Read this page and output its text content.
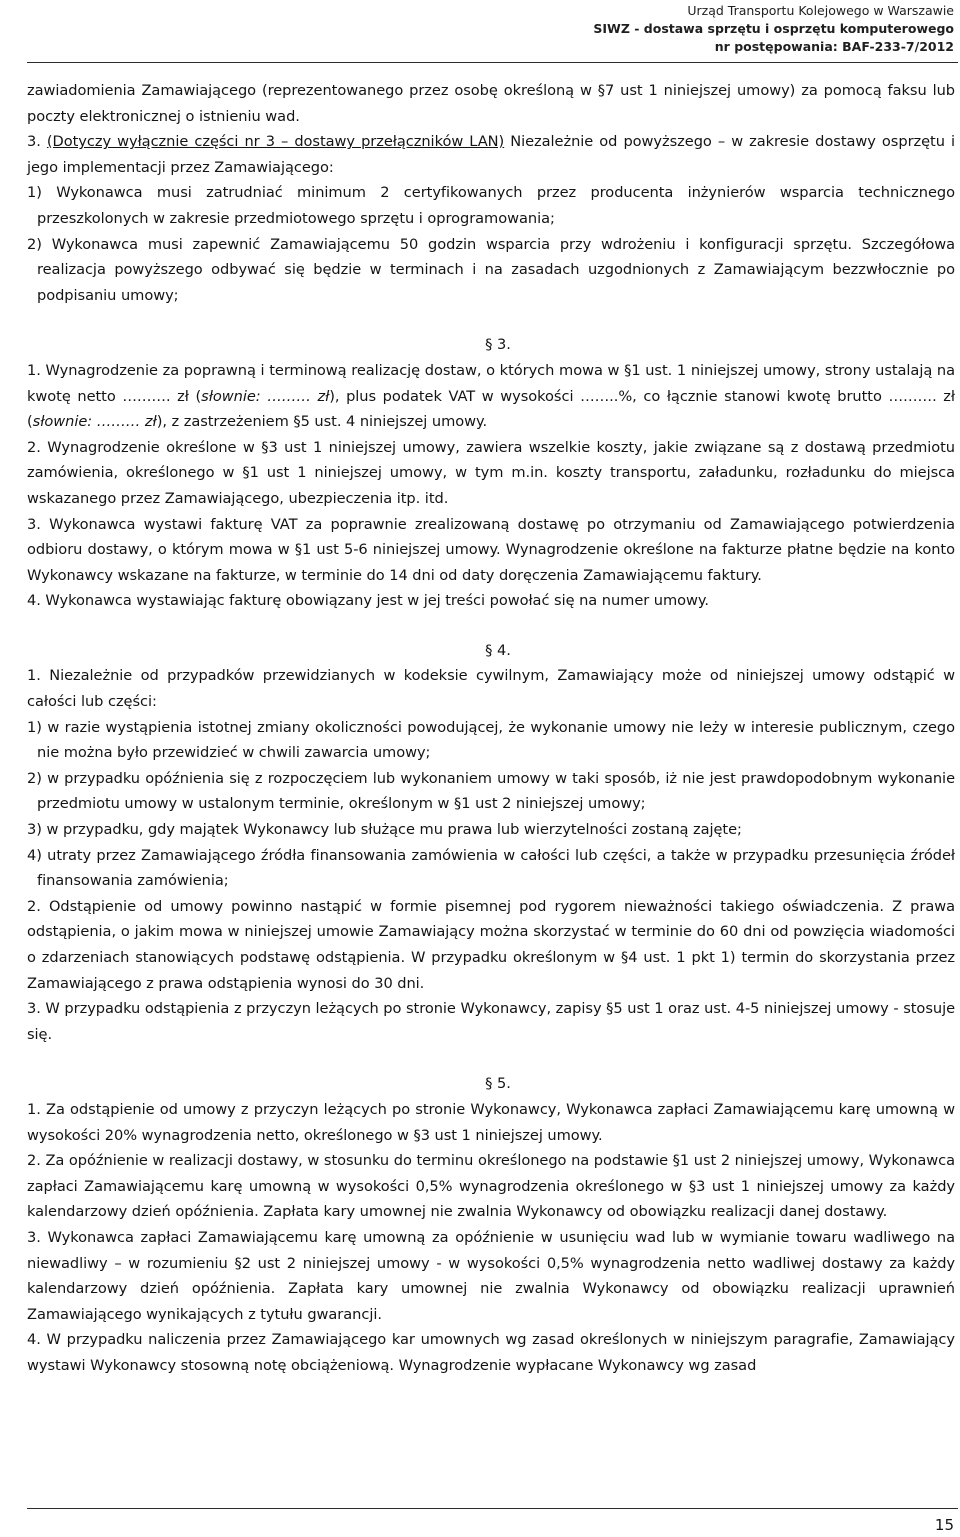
Urząd Transportu Kolejowego w Warszawie
SIWZ - dostawa sprzętu i osprzętu komputerowego
nr postępowania: BAF-233-7/2012

zawiadomienia Zamawiającego (reprezentowanego przez osobę określoną w §7 ust 1 niniejszej umowy) za pomocą faksu lub poczty elektronicznej o istnieniu wad.

3. (Dotyczy wyłącznie części nr 3 – dostawy przełączników LAN) Niezależnie od powyższego – w zakresie dostawy osprzętu i jego implementacji przez Zamawiającego:

1) Wykonawca musi zatrudniać minimum 2 certyfikowanych przez producenta inżynierów wsparcia technicznego przeszkolonych w zakresie przedmiotowego sprzętu i oprogramowania;

2) Wykonawca musi zapewnić Zamawiającemu 50 godzin wsparcia przy wdrożeniu i konfiguracji sprzętu. Szczegółowa realizacja powyższego odbywać się będzie w terminach i na zasadach uzgodnionych z Zamawiającym bezzwłocznie po podpisaniu umowy;

§ 3.

1. Wynagrodzenie za poprawną i terminową realizację dostaw, o których mowa w §1 ust. 1 niniejszej umowy, strony ustalają na kwotę netto ………. zł (słownie: ……… zł), plus podatek VAT w wysokości ……..%, co łącznie stanowi kwotę brutto ………. zł (słownie: ……… zł), z zastrzeżeniem §5 ust. 4 niniejszej umowy.

2. Wynagrodzenie określone w §3 ust 1 niniejszej umowy, zawiera wszelkie koszty, jakie związane są z dostawą przedmiotu zamówienia, określonego w §1 ust 1 niniejszej umowy, w tym m.in. koszty transportu, załadunku, rozładunku do miejsca wskazanego przez Zamawiającego, ubezpieczenia itp. itd.

3. Wykonawca wystawi fakturę VAT za poprawnie zrealizowaną dostawę po otrzymaniu od Zamawiającego potwierdzenia odbioru dostawy, o którym mowa w §1 ust 5-6 niniejszej umowy. Wynagrodzenie określone na fakturze płatne będzie na konto Wykonawcy wskazane na fakturze, w terminie do 14 dni od daty doręczenia Zamawiającemu faktury.

4. Wykonawca wystawiając fakturę obowiązany jest w jej treści powołać się na numer umowy.

§ 4.

1. Niezależnie od przypadków przewidzianych w kodeksie cywilnym, Zamawiający może od niniejszej umowy odstąpić w całości lub części:

1) w razie wystąpienia istotnej zmiany okoliczności powodującej, że wykonanie umowy nie leży w interesie publicznym, czego nie można było przewidzieć w chwili zawarcia umowy;

2) w przypadku opóźnienia się z rozpoczęciem lub wykonaniem umowy w taki sposób, iż nie jest prawdopodobnym wykonanie przedmiotu umowy w ustalonym terminie, określonym w §1 ust 2 niniejszej umowy;

3) w przypadku, gdy majątek Wykonawcy lub służące mu prawa lub wierzytelności zostaną zajęte;

4) utraty przez Zamawiającego źródła finansowania zamówienia w całości lub części, a także w przypadku przesunięcia źródeł finansowania zamówienia;

2. Odstąpienie od umowy powinno nastąpić w formie pisemnej pod rygorem nieważności takiego oświadczenia. Z prawa odstąpienia, o jakim mowa w niniejszej umowie Zamawiający można skorzystać w terminie do 60 dni od powzięcia wiadomości o zdarzeniach stanowiących podstawę odstąpienia. W przypadku określonym w §4 ust. 1 pkt 1) termin do skorzystania przez Zamawiającego z prawa odstąpienia wynosi do 30 dni.

3. W przypadku odstąpienia z przyczyn leżących po stronie Wykonawcy, zapisy §5 ust 1 oraz ust. 4-5 niniejszej umowy - stosuje się.

§ 5.

1. Za odstąpienie od umowy z przyczyn leżących po stronie Wykonawcy, Wykonawca zapłaci Zamawiającemu karę umowną w wysokości 20% wynagrodzenia netto, określonego w §3 ust 1 niniejszej umowy.

2. Za opóźnienie w realizacji dostawy, w stosunku do terminu określonego na podstawie §1 ust 2 niniejszej umowy, Wykonawca zapłaci Zamawiającemu karę umowną w wysokości 0,5% wynagrodzenia określonego w §3 ust 1 niniejszej umowy za każdy kalendarzowy dzień opóźnienia. Zapłata kary umownej nie zwalnia Wykonawcy od obowiązku realizacji danej dostawy.

3. Wykonawca zapłaci Zamawiającemu karę umowną za opóźnienie w usunięciu wad lub w wymianie towaru wadliwego na niewadliwy – w rozumieniu §2 ust 2 niniejszej umowy - w wysokości 0,5% wynagrodzenia netto wadliwej dostawy za każdy kalendarzowy dzień opóźnienia. Zapłata kary umownej nie zwalnia Wykonawcy od obowiązku realizacji uprawnień Zamawiającego wynikających z tytułu gwarancji.

4. W przypadku naliczenia przez Zamawiającego kar umownych wg zasad określonych w niniejszym paragrafie, Zamawiający wystawi Wykonawcy stosowną notę obciążeniową. Wynagrodzenie wypłacane Wykonawcy wg zasad

15
